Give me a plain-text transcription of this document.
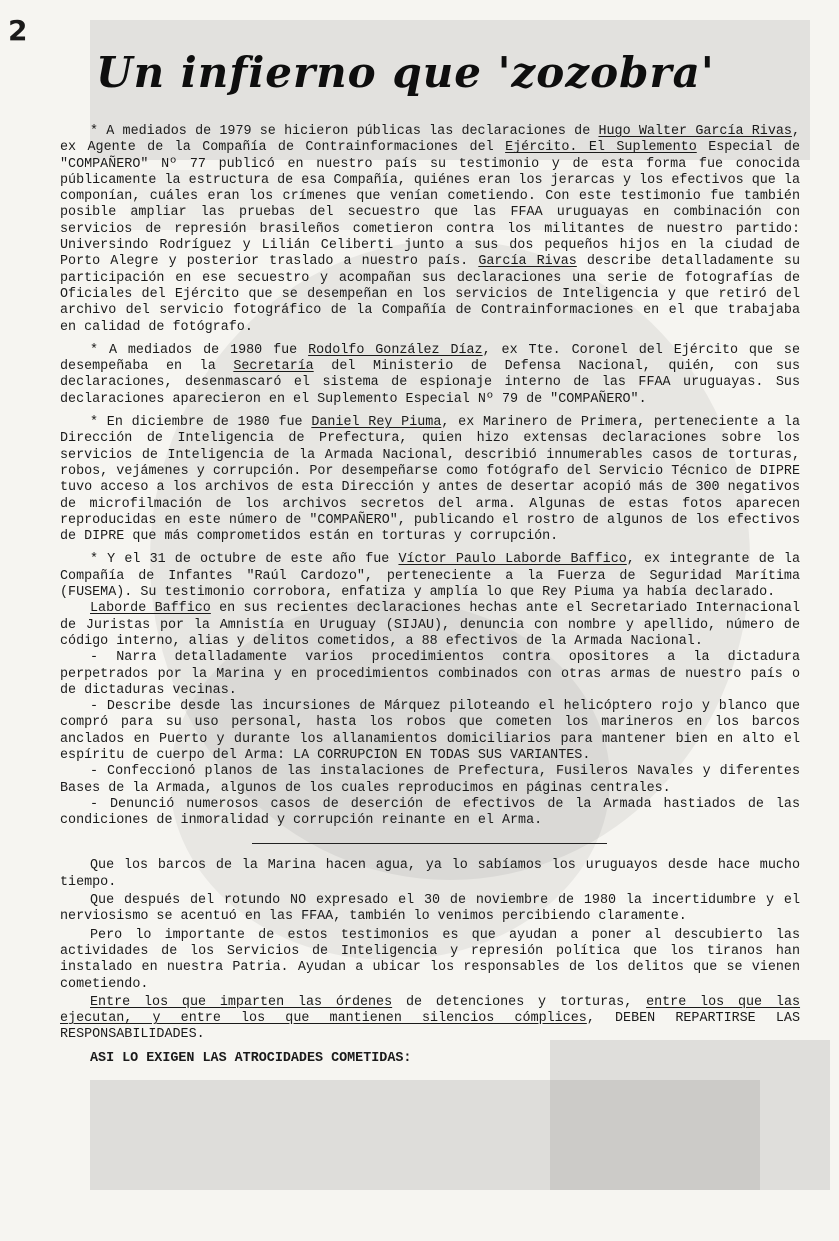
2
Un infierno que 'zozobra'

* A mediados de 1979 se hicieron públicas las declaraciones de Hugo Walter García Rivas, ex Agente de la Compañía de Contrainformaciones del Ejército. El Suplemento Especial de "COMPAÑERO" Nº 77 publicó en nuestro país su testimonio y de esta forma fue conocida públicamente la estructura de esa Compañía, quiénes eran los jerarcas y los efectivos que la componían, cuáles eran los crímenes que venían cometiendo. Con este testimonio fue también posible ampliar las pruebas del secuestro que las FFAA uruguayas en combinación con servicios de represión brasileños cometieron contra los militantes de nuestro partido: Universindo Rodríguez y Lilián Celiberti junto a sus dos pequeños hijos en la ciudad de Porto Alegre y posterior traslado a nuestro país. García Rivas describe detalladamente su participación en ese secuestro y acompañan sus declaraciones una serie de fotografías de Oficiales del Ejército que se desempeñan en los servicios de Inteligencia y que retiró del archivo del servicio fotográfico de la Compañía de Contrainformaciones en el que trabajaba en calidad de fotógrafo.

* A mediados de 1980 fue Rodolfo González Díaz, ex Tte. Coronel del Ejército que se desempeñaba en la Secretaría del Ministerio de Defensa Nacional, quién, con sus declaraciones, desenmascaró el sistema de espionaje interno de las FFAA uruguayas. Sus declaraciones aparecieron en el Suplemento Especial Nº 79 de "COMPAÑERO".

* En diciembre de 1980 fue Daniel Rey Piuma, ex Marinero de Primera, perteneciente a la Dirección de Inteligencia de Prefectura, quien hizo extensas declaraciones sobre los servicios de Inteligencia de la Armada Nacional, describió innumerables casos de torturas, robos, vejámenes y corrupción. Por desempeñarse como fotógrafo del Servicio Técnico de DIPRE tuvo acceso a los archivos de esta Dirección y antes de desertar acopió más de 300 negativos de microfilmación de los archivos secretos del arma. Algunas de estas fotos aparecen reproducidas en este número de "COMPAÑERO", publicando el rostro de algunos de los efectivos de DIPRE que más comprometidos están en torturas y corrupción.

* Y el 31 de octubre de este año fue Víctor Paulo Laborde Baffico, ex integrante de la Compañía de Infantes "Raúl Cardozo", perteneciente a la Fuerza de Seguridad Marítima (FUSEMA). Su testimonio corrobora, enfatiza y amplía lo que Rey Piuma ya había declarado.

Laborde Baffico en sus recientes declaraciones hechas ante el Secretariado Internacional de Juristas por la Amnistía en Uruguay (SIJAU), denuncia con nombre y apellido, número de código interno, alias y delitos cometidos, a 88 efectivos de la Armada Nacional.

- Narra detalladamente varios procedimientos contra opositores a la dictadura perpetrados por la Marina y en procedimientos combinados con otras armas de nuestro país o de dictaduras vecinas.

- Describe desde las incursiones de Márquez piloteando el helicóptero rojo y blanco que compró para su uso personal, hasta los robos que cometen los marineros en los barcos anclados en Puerto y durante los allanamientos domiciliarios para mantener bien en alto el espíritu de cuerpo del Arma: LA CORRUPCION EN TODAS SUS VARIANTES.

- Confeccionó planos de las instalaciones de Prefectura, Fusileros Navales y diferentes Bases de la Armada, algunos de los cuales reproducimos en páginas centrales.

- Denunció numerosos casos de deserción de efectivos de la Armada hastiados de las condiciones de inmoralidad y corrupción reinante en el Arma.

Que los barcos de la Marina hacen agua, ya lo sabíamos los uruguayos desde hace mucho tiempo.

Que después del rotundo NO expresado el 30 de noviembre de 1980 la incertidumbre y el nerviosismo se acentuó en las FFAA, también lo venimos percibiendo claramente.

Pero lo importante de estos testimonios es que ayudan a poner al descubierto las actividades de los Servicios de Inteligencia y represión política que los tiranos han instalado en nuestra Patria. Ayudan a ubicar los responsables de los delitos que se vienen cometiendo.

Entre los que imparten las órdenes de detenciones y torturas, entre los que las ejecutan, y entre los que mantienen silencios cómplices, DEBEN REPARTIRSE LAS RESPONSABILIDADES.

ASI LO EXIGEN LAS ATROCIDADES COMETIDAS:
